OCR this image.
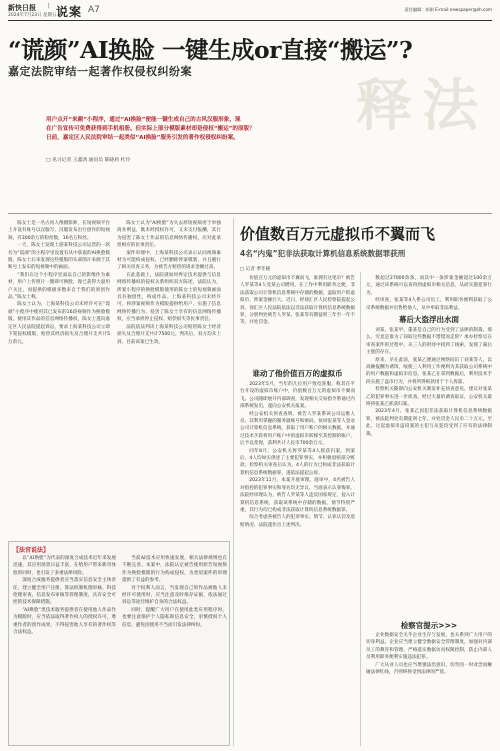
新快日报
2024年7月23日 星期五
| 说案 A7	责任编辑：胡刚 E-mail:newspaper@zh.com
“谎颜”AI换脸 一键生成or直接“搬运”?
嘉定法院审结一起著作权侵权纠纷案
释法
用户点开“来颜”小程序，通过“AI换脸”便能一键生成自己的古风汉服形象，现
在广告宣传可免费获得到手机相册。但实际上部分模版素材却是侵权“搬运”的原版？
日前，嘉定区人民法院审结一起类似“AI换脸”服务引发的著作权侵权纠纷案。
□ 见习记者 王鑫鸿 通讯员 陈晓莉 杜玲

陈女士是一名古风人像摄影师，在短视频平台上开设有账号以汉服写、汉服发布出行创作的短视频，有300余万的粉丝数，16名万粉丝。

一天，陈女士发现上游某科技公司运营的一款名为“谎颜”的小程序里设置有从中获取的AI换脸模版，陈女士后来发现这些模版的头部图片来源于其账号上发布的短视频中的画面。

“我们在这个小程序里面以自己的影像作为素材，用户上传照片一键即可换脸，现已获得大量用户关注，而提供的模板多数来自于我们的原创作品。”陈女士称。

陈女士认为，上海某科技公司未经许可在“谎颜”小程序中使用其已发布的16段视频作为换脸模版，使用其作品的信息网络传播权，陈女士遂向嘉定区人民法院提起诉讼，要求上海某科技公司立即下架侵权模版，赔偿其经济损失及合理开支共计5万余元。

陈女士认为“AI换脸”为失去原短视频用于单独商业利益，既未经授权许可，又未支付报酬，其行为侵害了陈女士作品的信息网络传播权，应对此承担相应的民事责任。

案件审理中，上海某科技公司表示认同视频素材为可能构成侵权，已经删除涉案模版，并且履行了相关审查义务，为被告方赔偿的请求金额过高。

在此基础上，法院就如何界定技术提供与信息网络传播权的侵权关系组织双方陈述，法院认为，涉案小程序的换脸模版使用的陈女士的短视频画面具有独创性，构成作品。上海某科技公司未经许可，将涉案视频作为模版提供给用户，实施了信息网络传播行为，侵害了陈女士享有的信息网络传播权，应当承担停止侵权、赔偿损失等民事责任。

法院依法判决上海某科技公司赔偿陈女士经济损失及合理开支共计7500元。判决后，双方均未上诉，目前该案已生效。

【法官说法】

以“AI换脸”为代表的深度合成技术近年来发展迅速，其应用场景日益丰富，在给用户带来新奇体验的同时，也引发了多重法律风险。

深度合成服务提供者应当落实信息安全主体责任，建立健全用户注册、算法机制机理审核、科技伦理审查、信息发布审核等管理制度，具有安全可控的技术保障措施。

“AI换脸”类技术服务提供者在使用他人作品作为模版时，应当依法取得著作权人的授权许可，尊重作者的创作成果，不得侵害他人享有的著作权等合法权益。

当前AI技术应用快速发展，相关法律规则也在不断完善。本案中，法院认定被告使用原告短视频作为换脸模版的行为构成侵权，为类似案件的审理提供了有益的参考。

对于权利人而言，当发现自己的作品被他人未经许可使用时，应当注意及时保存证据，依法通过诉讼等途径维护自身的合法权益。

同时，提醒广大用户在使用此类应用程序时，也要注意保护个人隐私和信息安全，审慎授权个人信息，避免因使用不当而引发法律纠纷。

价值数百万元虚拟币不翼而飞
4名“内鬼”犯非法获取计算机信息系统数据罪获刑
□ 记者 季冬晓

价值百万元的虚拟币不翼而飞，谁拥有这笔币？被告人罗某等4人受某公司聘用，在工作中利用职务之便，非法获取公司计算机信息系统中存储的数据，盗取用户的虚拟币，涉案金额巨大。近日，经徐汇区人民检察院提起公诉，徐汇区人民法院依法以非法获取计算机信息系统数据罪，分别判处被告人罗某、张某等有期徒刑三年至一年不等，并处罚金。

谁动了他价值百万的虚拟币

2023年5月，当年的几位用户致电客服，称其在平台开设的虚拟币账户中，价值数百万元的虚拟币不翼而飞。公司随即展开内部调查，发现相关交易指令系通过内部系统发出，遂向公安机关报案。

经公安机关侦查查明，被告人罗某系该公司运维人员，其利用掌握的服务器账号和密码，伙同张某等人登录公司计算机信息系统，获取了用户账户的相关数据，并通过技术手段将用户账户中的虚拟币转移至其控制的账户，后予以变现，获利共计人民币700余万元。

同年8月，公安机关将罗某等4人抓获归案。到案后，4人均如实供述了主要犯罪事实，并积极退赔部分赃款。检察机关审查后认为，4人的行为已构成非法获取计算机信息系统数据罪，遂依法提起公诉。

2023年11月，本案开庭审理。庭审中，4名被告人对指控的犯罪事实和罪名均无异议，当庭表示认罪悔罪。法院经审理认为，被告人罗某等人违反国家规定，侵入计算机信息系统，获取该系统中存储的数据，情节特别严重，其行为均已构成非法获取计算机信息系统数据罪。

综合考虑各被告人的犯罪事实、情节、认罪认罚及退赔情况，法院遂作出上述判决。

数超过27000余条，而其中一条涉案金额超过100余万元，通过该系统可以查询到虚拟币相关信息，从而实施犯罪行为。

经审查，张某等4人系公司员工，利用职务便利获取了公司系统数据并出售给他人，从中牟取非法利益。

幕后大盗浮出水面

刘某、张某甲、董某是自己的行为受到了法律的制裁。那么，究竟是谁为了窃取这些数据不惜铤而走险？承办检察官在审查案件的过程中，从三人的供述中找到了线索，发现了幕后主使的存在。

原来，早在此前，张某乙便通过网络结识了刘某等人，以高额报酬为诱饵，唆使三人利用工作便利为其获取公司系统中的用户数据和虚拟币信息。张某乙在拿到数据后，利用技术手段实施了盗币行为，并将所得赃款用于个人挥霍。

检察机关随即向公安机关制发补充侦查意见，建议对张某乙的犯罪事实进一步侦查。经过大量的调查取证，公安机关最终将张某乙抓获归案。

2023年4月，张某乙因犯非法获取计算机信息系统数据罪，被法院判处有期徒刑七年，并处罚金人民币二十万元。至此，这起虚拟币盗窃案的主犯与从犯均受到了应有的法律制裁。

检察官提示>>>

企业数据安全关乎企业生存与发展，也关系到广大用户的切身利益。企业应当建立健全数据安全管理制度，加强对内部员工的教育和管理，严格落实数据访问权限控制，防止内部人员利用职务便利实施违法犯罪。

广大从业人员也应当增强法治意识，切勿因一时贪念而触碰法律红线，否则终将受到法律的严惩。
